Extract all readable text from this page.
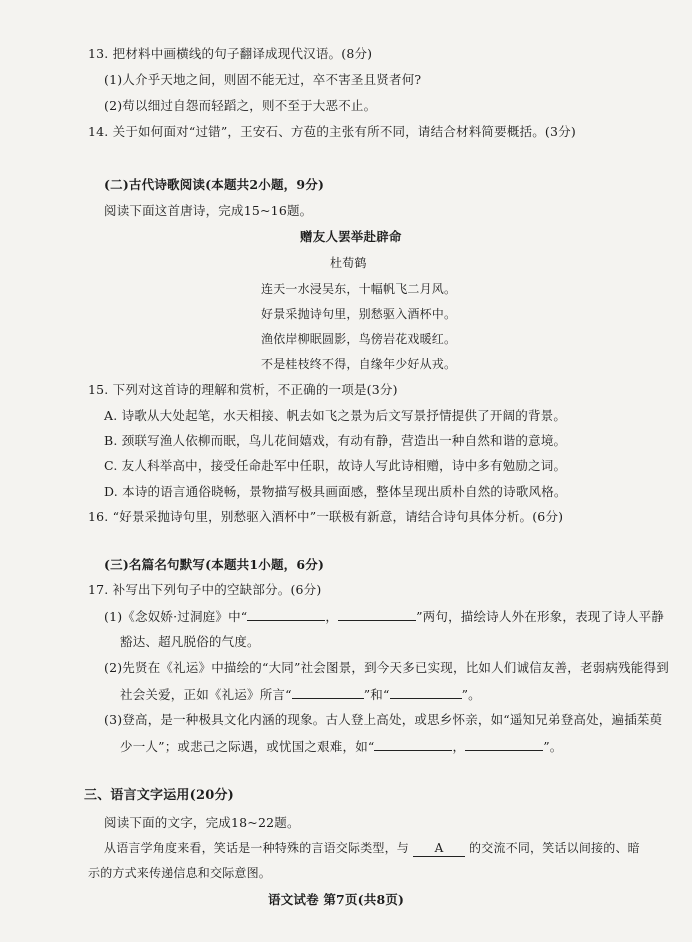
13. 把材料中画横线的句子翻译成现代汉语。(8分)
(1)人介乎天地之间，则固不能无过，卒不害圣且贤者何?
(2)苟以细过自怨而轻蹈之，则不至于大恶不止。
14. 关于如何面对“过错”，王安石、方苞的主张有所不同，请结合材料简要概括。(3分)
(二)古代诗歌阅读(本题共2小题，9分)
阅读下面这首唐诗，完成15~16题。
赠友人罢举赴辟命
杜荀鹤
连天一水浸吴东，十幅帆飞二月风。
好景采抛诗句里，别愁驱入酒杯中。
渔依岸柳眠圆影，鸟傍岩花戏暖红。
不是桂枝终不得，自缘年少好从戎。
15. 下列对这首诗的理解和赏析，不正确的一项是(3分)
A. 诗歌从大处起笔，水天相接、帆去如飞之景为后文写景抒情提供了开阔的背景。
B. 颈联写渔人依柳而眠，鸟儿花间嬉戏，有动有静，营造出一种自然和谐的意境。
C. 友人科举高中，接受任命赴军中任职，故诗人写此诗相赠，诗中多有勉励之词。
D. 本诗的语言通俗晓畅，景物描写极具画面感，整体呈现出质朴自然的诗歌风格。
16. “好景采抛诗句里，别愁驱入酒杯中”一联极有新意，请结合诗句具体分析。(6分)
(三)名篇名句默写(本题共1小题，6分)
17. 补写出下列句子中的空缺部分。(6分)
(1)《念奴娇·过洞庭》中“	，	”两句，描绘诗人外在形象，表现了诗人平静
豁达、超凡脱俗的气度。
(2)先贤在《礼运》中描绘的“大同”社会图景，到今天多已实现，比如人们诚信友善，老弱病残能得到
社会关爱，正如《礼运》所言“	”和“	”。
(3)登高，是一种极具文化内涵的现象。古人登上高处，或思乡怀亲，如“遥知兄弟登高处，遍插茱萸
少一人”；或悲己之际遇，或忧国之艰难，如“	，	”。
三、语言文字运用(20分)
阅读下面的文字，完成18~22题。
从语言学角度来看，笑话是一种特殊的言语交际类型，与 A 的交流不同，笑话以间接的、暗
示的方式来传递信息和交际意图。
语文试卷 第7页(共8页)
